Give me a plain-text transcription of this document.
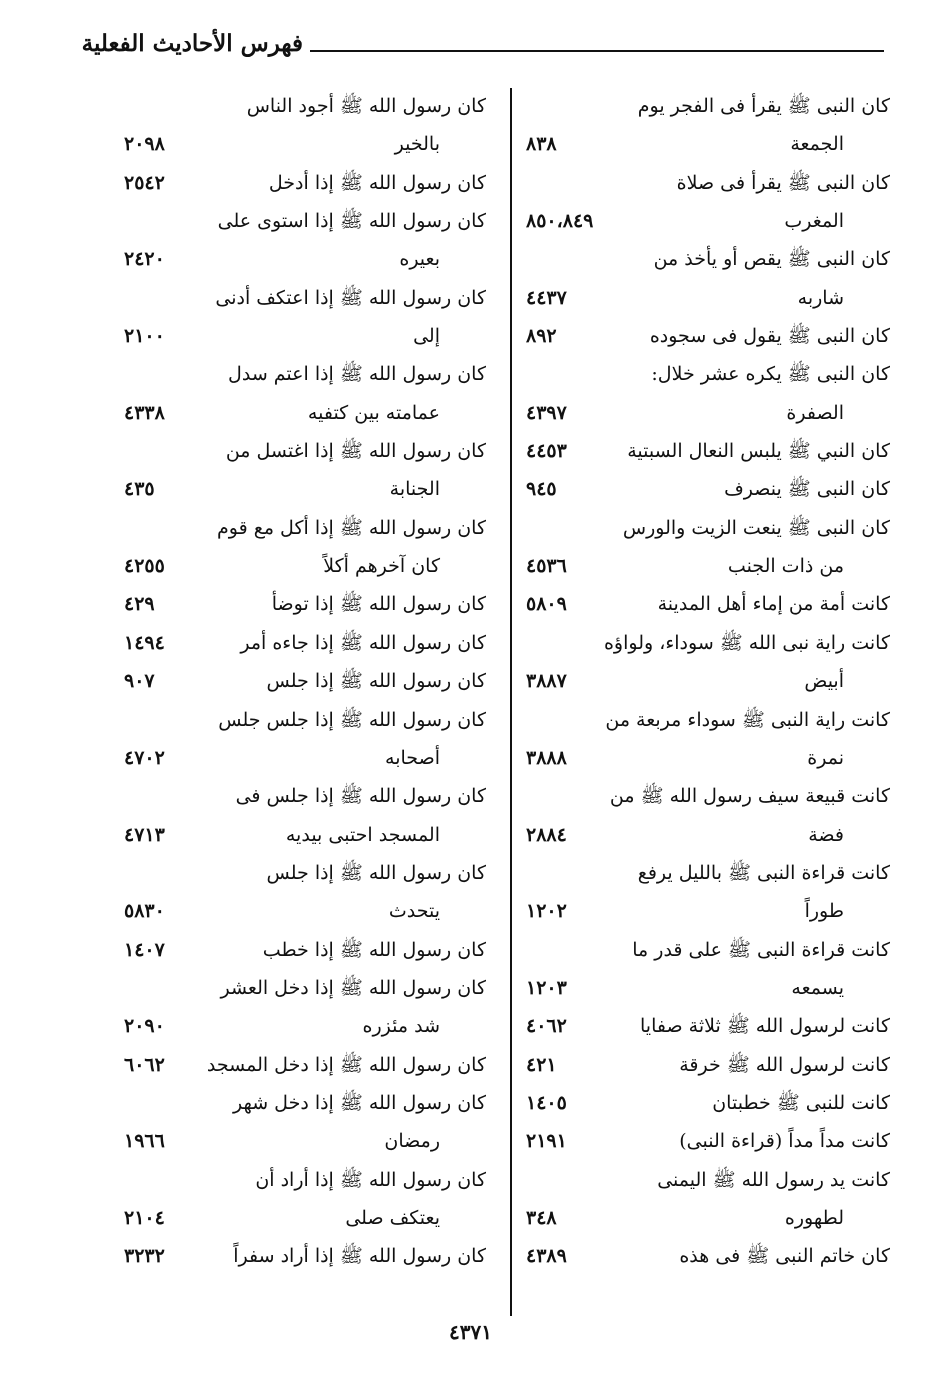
فهرس الأحاديث الفعلية
كان النبى ﷺ يقرأ فى الفجر يوم
الجمعة
٨٣٨
كان النبى ﷺ يقرأ فى صلاة
المغرب
٨٥٠،٨٤٩
كان النبى ﷺ يقص أو يأخذ من
شاربه
٤٤٣٧
كان النبى ﷺ يقول فى سجوده
٨٩٢
كان النبى ﷺ يكره عشر خلال:
الصفرة
٤٣٩٧
كان النبي ﷺ يلبس النعال السبتية
٤٤٥٣
كان النبى ﷺ ينصرف
٩٤٥
كان النبى ﷺ ينعت الزيت والورس
من ذات الجنب
٤٥٣٦
كانت أمة من إماء أهل المدينة
٥٨٠٩
كانت راية نبى الله ﷺ سوداء، ولواؤه
أبيض
٣٨٨٧
كانت راية النبى ﷺ سوداء مربعة من
نمرة
٣٨٨٨
كانت قبيعة سيف رسول الله ﷺ من
فضة
٢٨٨٤
كانت قراءة النبى ﷺ بالليل يرفع
طوراً
١٢٠٢
كانت قراءة النبى ﷺ على قدر ما
يسمعه
١٢٠٣
كانت لرسول الله ﷺ ثلاثة صفايا
٤٠٦٢
كانت لرسول الله ﷺ خرقة
٤٢١
كانت للنبى ﷺ خطبتان
١٤٠٥
كانت مداً مداً (قراءة النبى)
٢١٩١
كانت يد رسول الله ﷺ اليمنى
لطهوره
٣٤٨
كان خاتم النبى ﷺ فى هذه
٤٣٨٩
كان رسول الله ﷺ أجود الناس
بالخير
٢٠٩٨
كان رسول الله ﷺ إذا أدخل
٢٥٤٢
كان رسول الله ﷺ إذا استوى على
بعيره
٢٤٢٠
كان رسول الله ﷺ إذا اعتكف أدنى
إلى
٢١٠٠
كان رسول الله ﷺ إذا اعتم سدل
عمامته بين كتفيه
٤٣٣٨
كان رسول الله ﷺ إذا اغتسل من
الجنابة
٤٣٥
كان رسول الله ﷺ إذا أكل مع قوم
كان آخرهم أكلاً
٤٢٥٥
كان رسول الله ﷺ إذا توضأ
٤٢٩
كان رسول الله ﷺ إذا جاءه أمر
١٤٩٤
كان رسول الله ﷺ إذا جلس
٩٠٧
كان رسول الله ﷺ إذا جلس جلس
أصحابه
٤٧٠٢
كان رسول الله ﷺ إذا جلس فى
المسجد احتبى بيديه
٤٧١٣
كان رسول الله ﷺ إذا جلس
يتحدث
٥٨٣٠
كان رسول الله ﷺ إذا خطب
١٤٠٧
كان رسول الله ﷺ إذا دخل العشر
شد مئزره
٢٠٩٠
كان رسول الله ﷺ إذا دخل المسجد
٦٠٦٢
كان رسول الله ﷺ إذا دخل شهر
رمضان
١٩٦٦
كان رسول الله ﷺ إذا أراد أن
يعتكف صلى
٢١٠٤
كان رسول الله ﷺ إذا أراد سفراً
٣٢٣٢
٤٣٧١
